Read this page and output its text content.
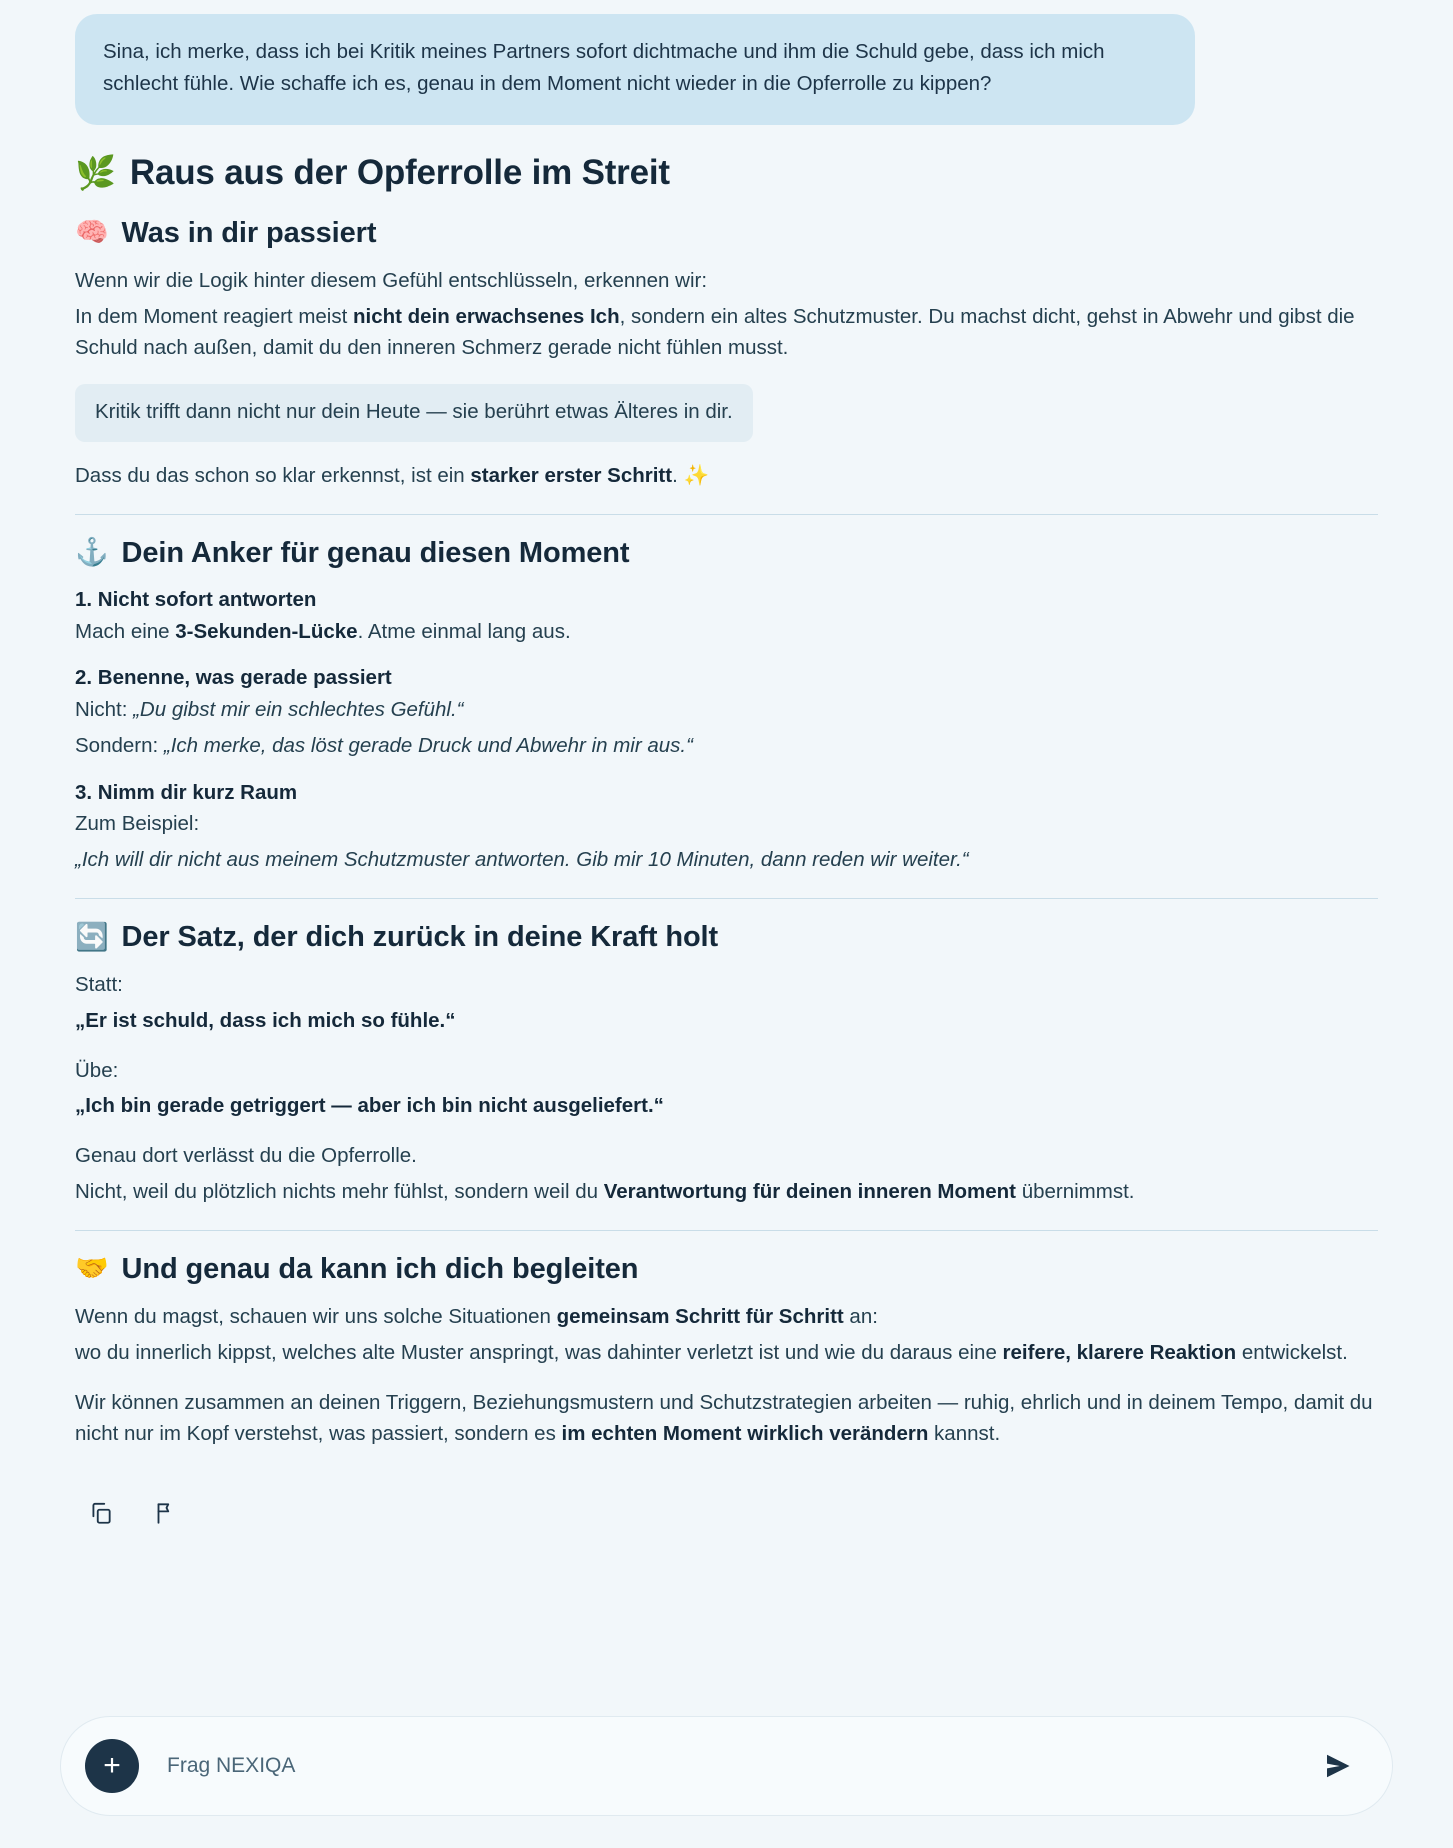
Sina, ich merke, dass ich bei Kritik meines Partners sofort dichtmache und ihm die Schuld gebe, dass ich mich schlecht fühle. Wie schaffe ich es, genau in dem Moment nicht wieder in die Opferrolle zu kippen?
🌿 Raus aus der Opferrolle im Streit
🧠 Was in dir passiert

Wenn wir die Logik hinter diesem Gefühl entschlüsseln, erkennen wir:

In dem Moment reagiert meist nicht dein erwachsenes Ich, sondern ein altes Schutzmuster. Du machst dicht, gehst in Abwehr und gibst die Schuld nach außen, damit du den inneren Schmerz gerade nicht fühlen musst.

Kritik trifft dann nicht nur dein Heute — sie berührt etwas Älteres in dir.

Dass du das schon so klar erkennst, ist ein starker erster Schritt. ✨

⚓ Dein Anker für genau diesen Moment
1. Nicht sofort antworten

Mach eine 3-Sekunden-Lücke. Atme einmal lang aus.

2. Benenne, was gerade passiert

Nicht: „Du gibst mir ein schlechtes Gefühl.“

Sondern: „Ich merke, das löst gerade Druck und Abwehr in mir aus.“

3. Nimm dir kurz Raum

Zum Beispiel:

„Ich will dir nicht aus meinem Schutzmuster antworten. Gib mir 10 Minuten, dann reden wir weiter.“

🔄 Der Satz, der dich zurück in deine Kraft holt

Statt:

„Er ist schuld, dass ich mich so fühle.“

Übe:

„Ich bin gerade getriggert — aber ich bin nicht ausgeliefert.“

Genau dort verlässt du die Opferrolle.

Nicht, weil du plötzlich nichts mehr fühlst, sondern weil du Verantwortung für deinen inneren Moment übernimmst.

🤝 Und genau da kann ich dich begleiten

Wenn du magst, schauen wir uns solche Situationen gemeinsam Schritt für Schritt an:

wo du innerlich kippst, welches alte Muster anspringt, was dahinter verletzt ist und wie du daraus eine reifere, klarere Reaktion entwickelst.

Wir können zusammen an deinen Triggern, Beziehungsmustern und Schutzstrategien arbeiten — ruhig, ehrlich und in deinem Tempo, damit du nicht nur im Kopf verstehst, was passiert, sondern es im echten Moment wirklich verändern kannst.

+
Frag NEXIQA
